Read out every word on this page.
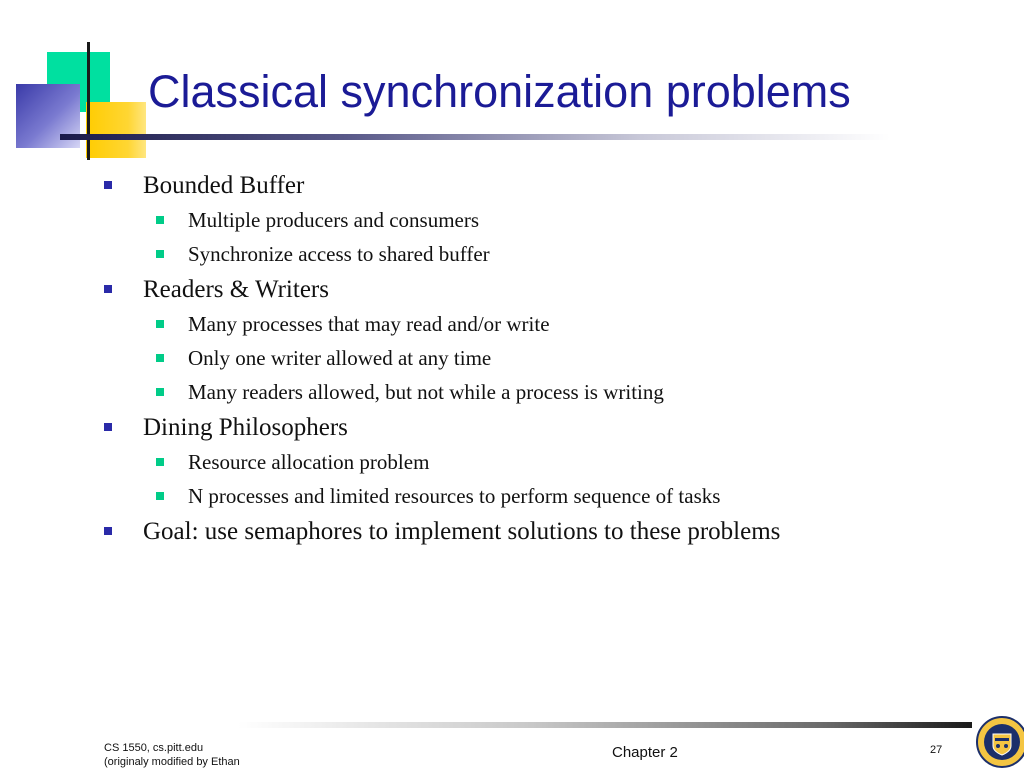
Classical synchronization problems
Bounded Buffer
Multiple producers and consumers
Synchronize access to shared buffer
Readers & Writers
Many processes that may read and/or write
Only one writer allowed at any time
Many readers allowed, but not while a process is writing
Dining Philosophers
Resource allocation problem
N processes and limited resources to perform sequence of tasks
Goal: use semaphores to implement solutions to these problems
CS 1550, cs.pitt.edu
(originaly modified by Ethan
Chapter 2	27
